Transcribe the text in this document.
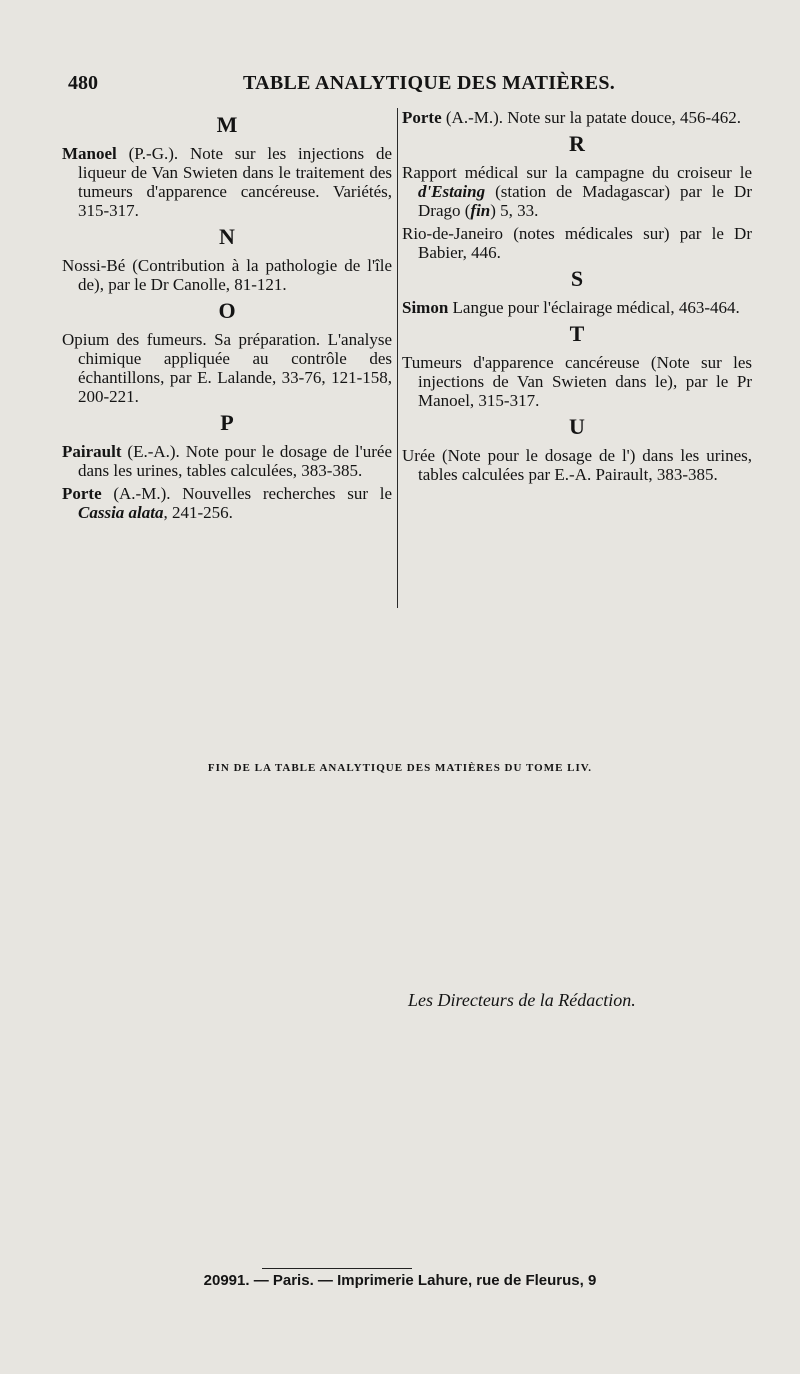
480	TABLE ANALYTIQUE DES MATIÈRES.
M

Manoel (P.-G.). Note sur les injections de liqueur de Van Swieten dans le traitement des tumeurs d'apparence cancéreuse. Variétés, 315-317.

N

Nossi-Bé (Contribution à la pathologie de l'île de), par le Dr Canolle, 81-121.

O

Opium des fumeurs. Sa préparation. L'analyse chimique appliquée au contrôle des échantillons, par E. Lalande, 33-76, 121-158, 200-221.

P

Pairault (E.-A.). Note pour le dosage de l'urée dans les urines, tables calculées, 383-385.

Porte (A.-M.). Nouvelles recherches sur le Cassia alata, 241-256.

Porte (A.-M.). Note sur la patate douce, 456-462.

R

Rapport médical sur la campagne du croiseur le d'Estaing (station de Madagascar) par le Dr Drago (fin) 5, 33.

Rio-de-Janeiro (notes médicales sur) par le Dr Babier, 446.

S

Simon Langue pour l'éclairage médical, 463-464.

T

Tumeurs d'apparence cancéreuse (Note sur les injections de Van Swieten dans le), par le Pr Manoel, 315-317.

U

Urée (Note pour le dosage de l') dans les urines, tables calculées par E.-A. Pairault, 383-385.

FIN DE LA TABLE ANALYTIQUE DES MATIÈRES DU TOME LIV.
Les Directeurs de la Rédaction.
20991. — Paris. — Imprimerie Lahure, rue de Fleurus, 9
